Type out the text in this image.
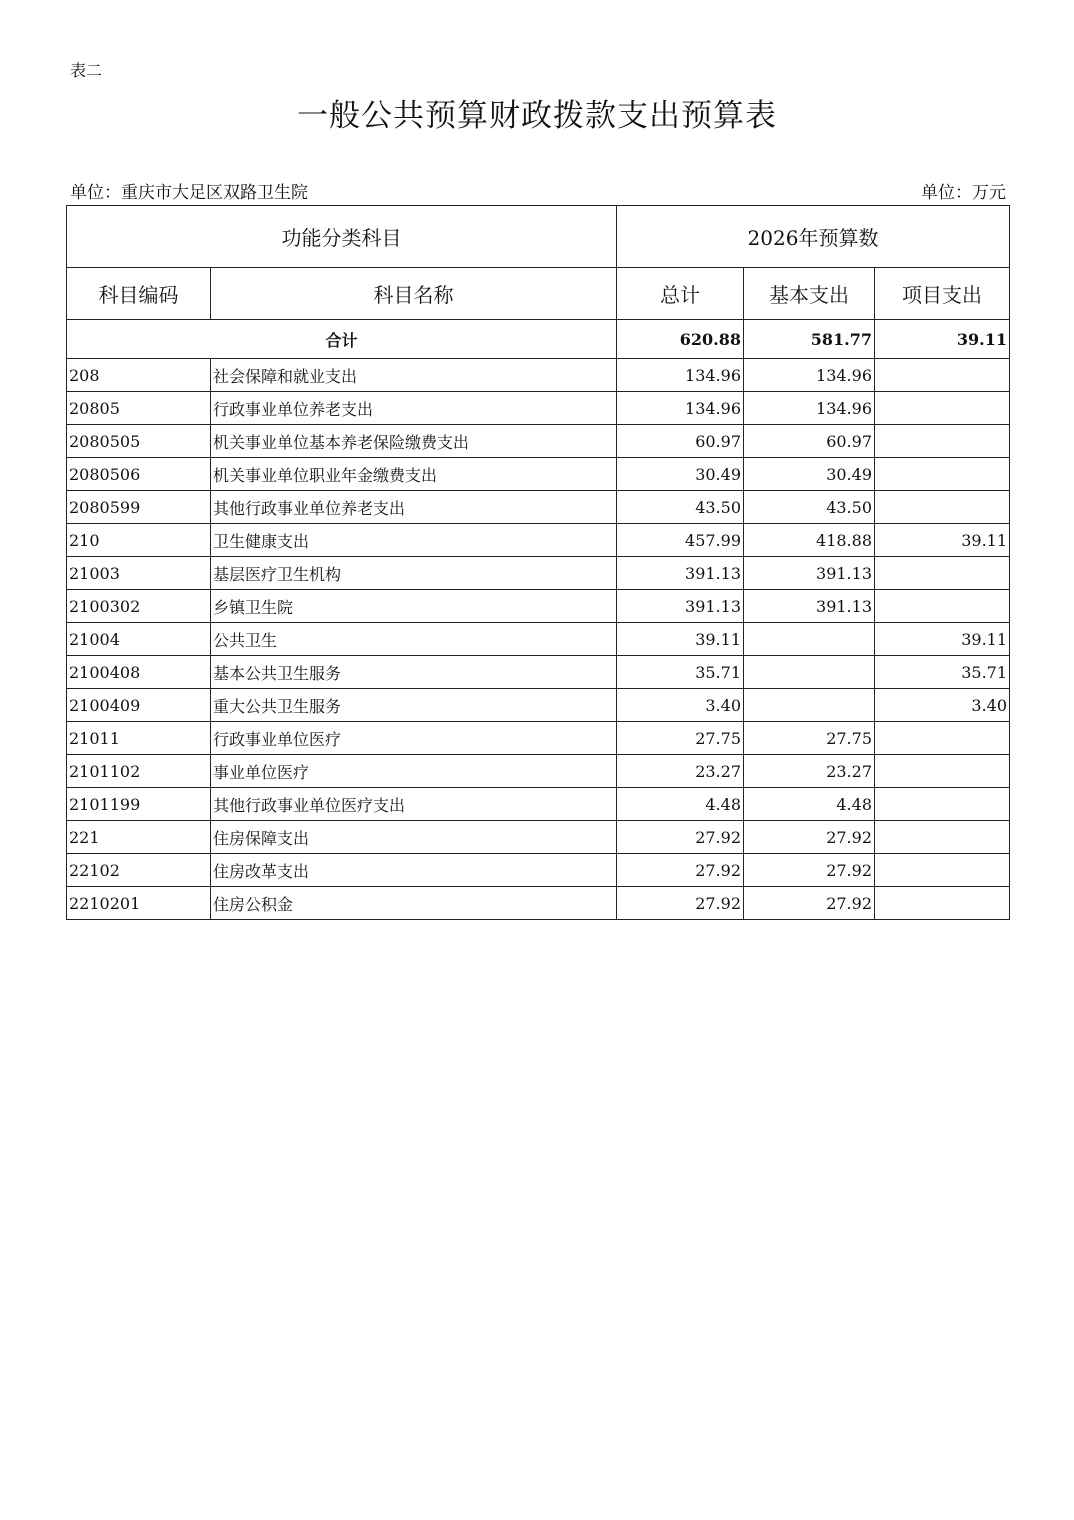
表二
一般公共预算财政拨款支出预算表
单位：重庆市大足区双路卫生院	单位：万元
功能分类科目		2026年预算数		
科目编码	科目名称	总计	基本支出	项目支出
合计		620.88	581.77	39.11
208	社会保障和就业支出	134.96	134.96	
20805	行政事业单位养老支出	134.96	134.96	
2080505	机关事业单位基本养老保险缴费支出	60.97	60.97	
2080506	机关事业单位职业年金缴费支出	30.49	30.49	
2080599	其他行政事业单位养老支出	43.50	43.50	
210	卫生健康支出	457.99	418.88	39.11
21003	基层医疗卫生机构	391.13	391.13	
2100302	乡镇卫生院	391.13	391.13	
21004	公共卫生	39.11		39.11
2100408	基本公共卫生服务	35.71		35.71
2100409	重大公共卫生服务	3.40		3.40
21011	行政事业单位医疗	27.75	27.75	
2101102	事业单位医疗	23.27	23.27	
2101199	其他行政事业单位医疗支出	4.48	4.48	
221	住房保障支出	27.92	27.92	
22102	住房改革支出	27.92	27.92	
2210201	住房公积金	27.92	27.92	
